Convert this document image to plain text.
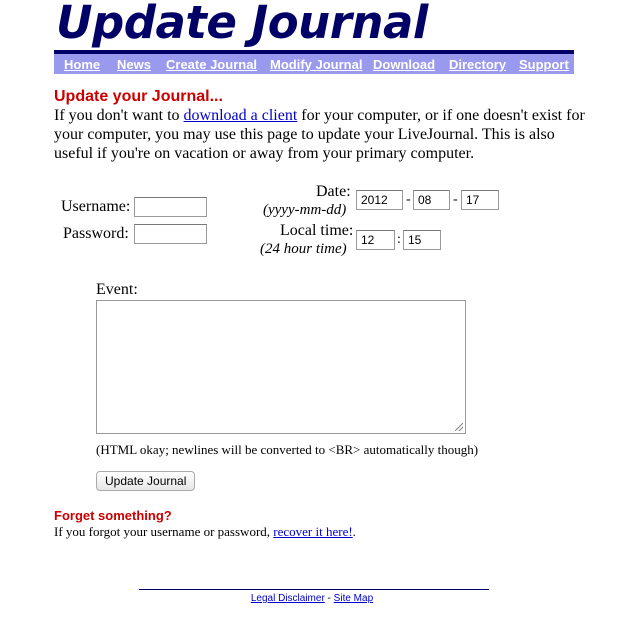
Update Journal
Home News Create Journal Modify Journal Download Directory Support
Update your Journal...
If you don't want to download a client for your computer, or if one doesn't exist for your computer, you may use this page to update your LiveJournal. This is also useful if you're on vacation or away from your primary computer.
Username:
Password:
Date:
(yyyy-mm-dd)
2012	- 08	- 17
Local time:
(24 hour time)
12	: 15
Event:
(HTML okay; newlines will be converted to <BR> automatically though)
Update Journal
Forget something?
If you forgot your username or password, recover it here!.
Legal Disclaimer - Site Map
